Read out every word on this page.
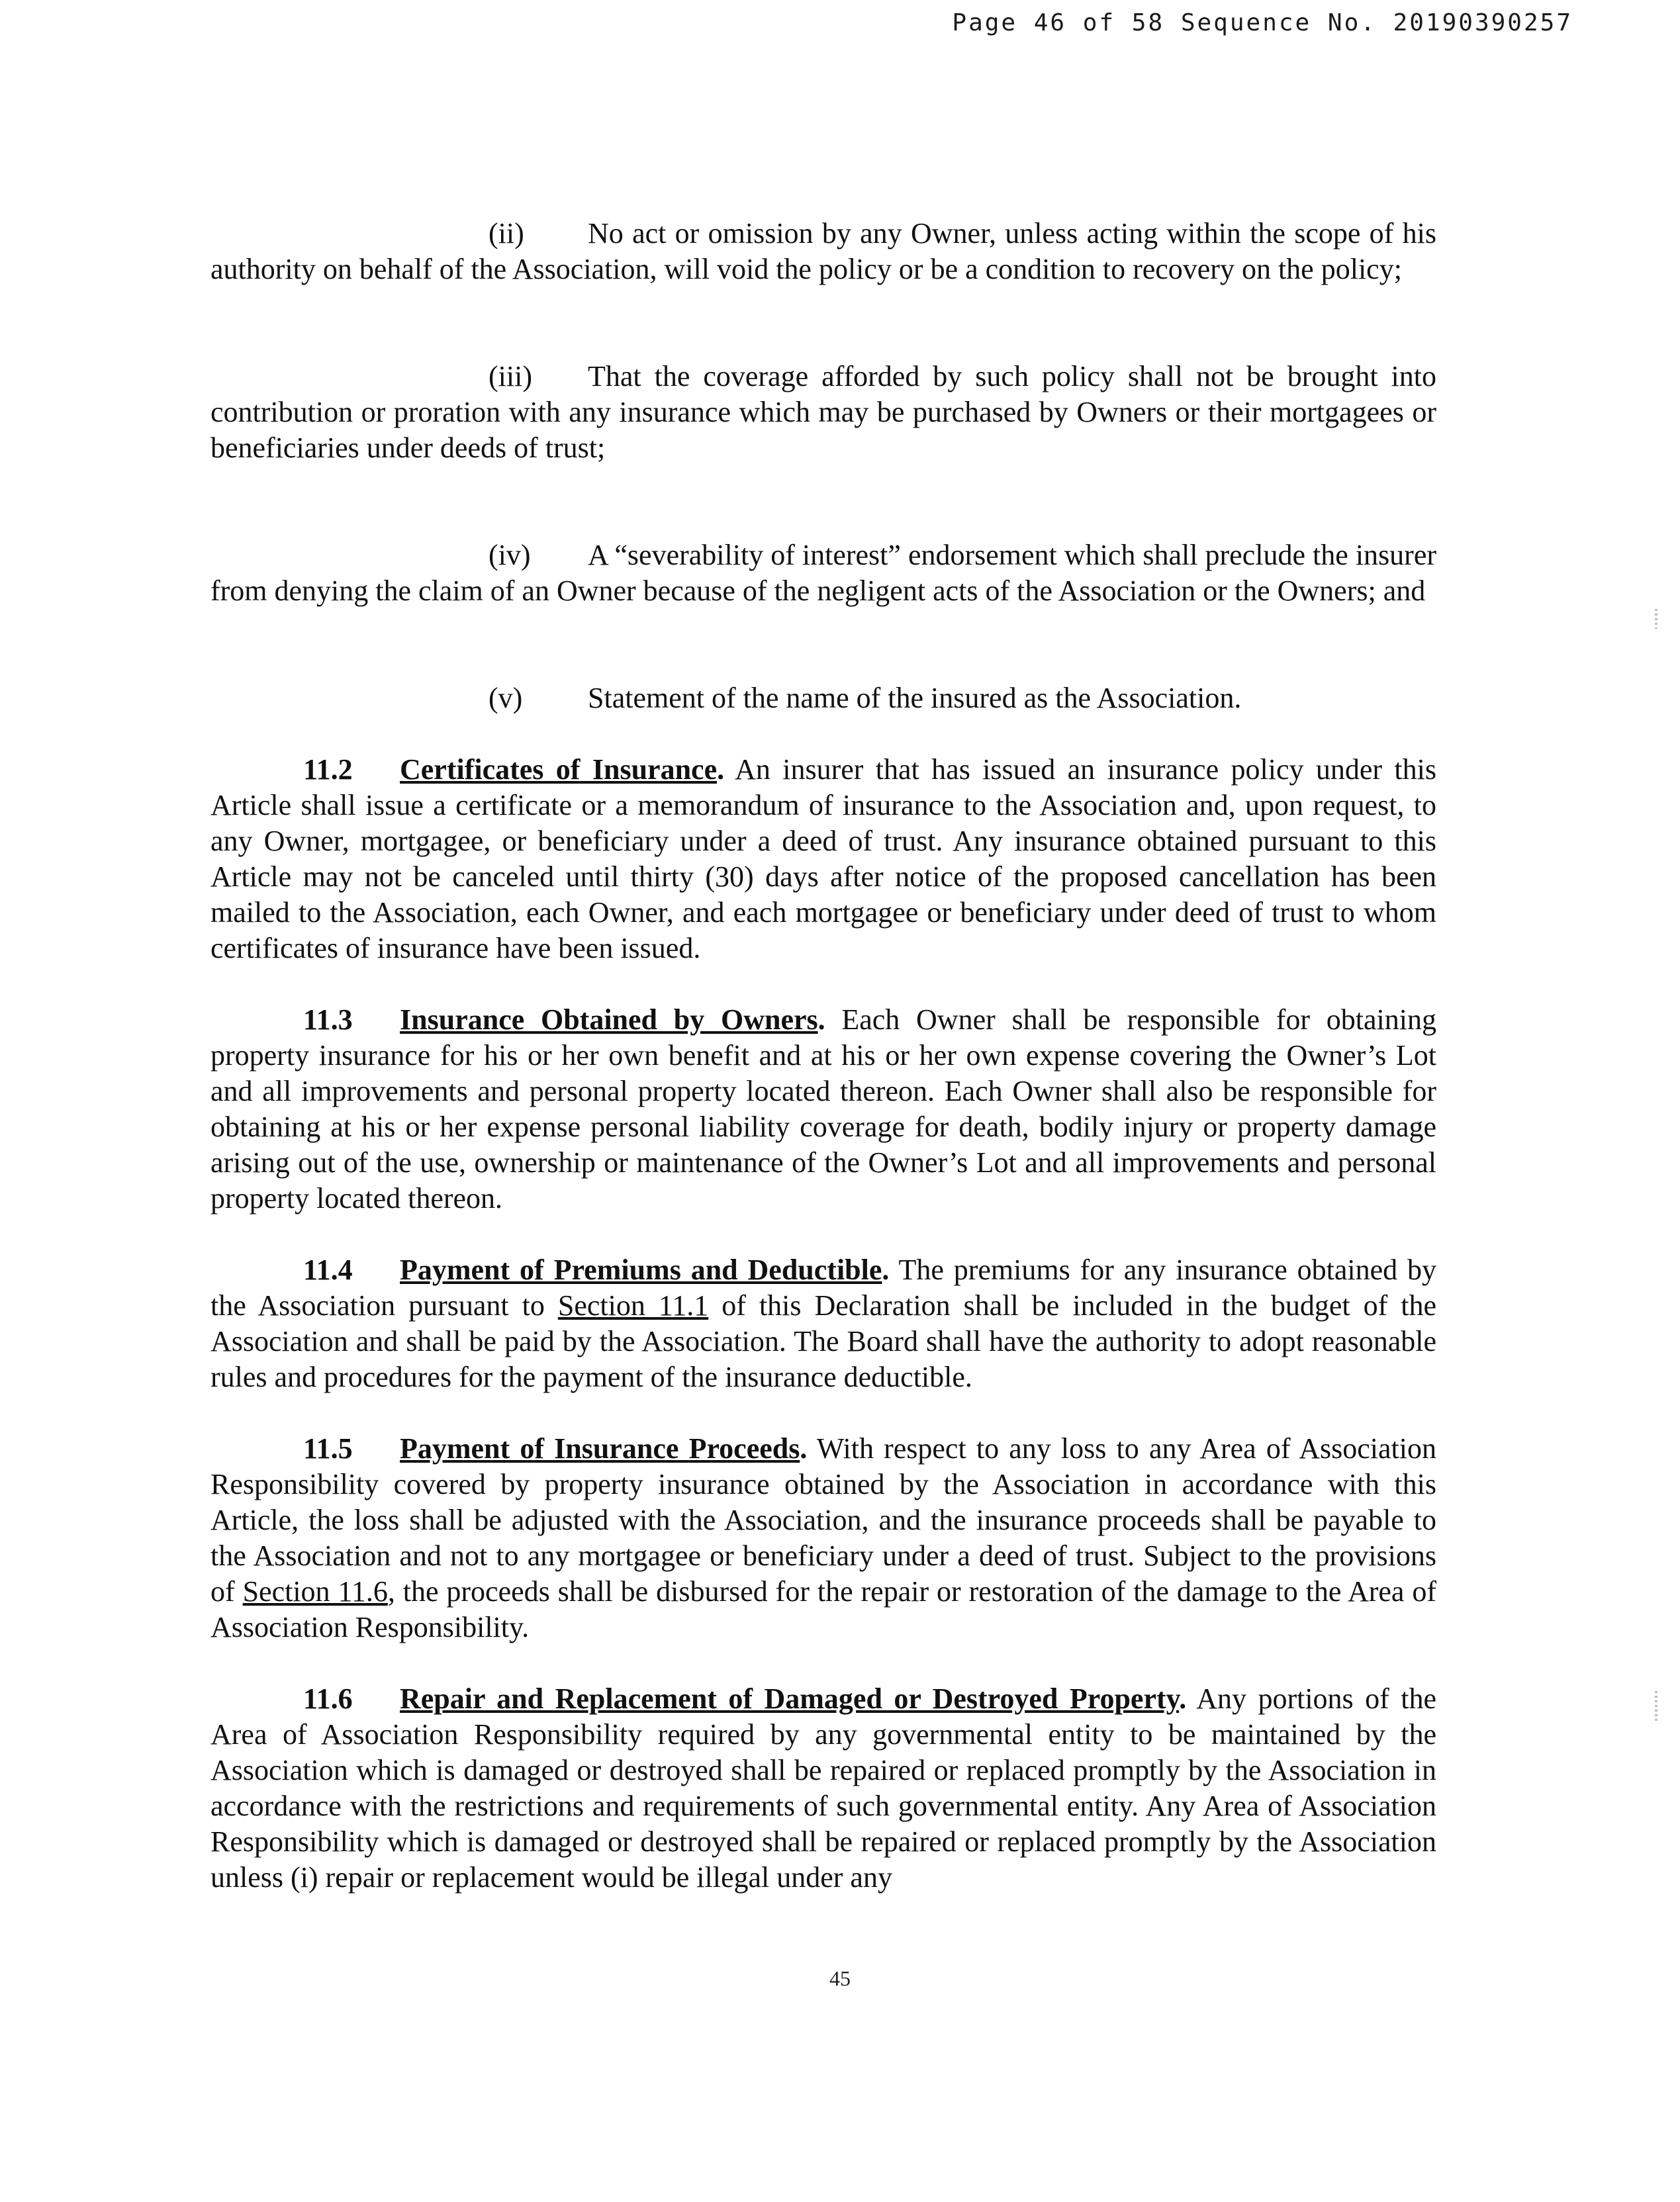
Page 46 of 58 Sequence No. 20190390257

(ii) No act or omission by any Owner, unless acting within the scope of his authority on behalf of the Association, will void the policy or be a condition to recovery on the policy;

(iii) That the coverage afforded by such policy shall not be brought into contribution or proration with any insurance which may be purchased by Owners or their mortgagees or beneficiaries under deeds of trust;

(iv) A “severability of interest” endorsement which shall preclude the insurer from denying the claim of an Owner because of the negligent acts of the Association or the Owners; and

(v) Statement of the name of the insured as the Association.

11.2 Certificates of Insurance. An insurer that has issued an insurance policy under this Article shall issue a certificate or a memorandum of insurance to the Association and, upon request, to any Owner, mortgagee, or beneficiary under a deed of trust. Any insurance obtained pursuant to this Article may not be canceled until thirty (30) days after notice of the proposed cancellation has been mailed to the Association, each Owner, and each mortgagee or beneficiary under deed of trust to whom certificates of insurance have been issued.

11.3 Insurance Obtained by Owners. Each Owner shall be responsible for obtaining property insurance for his or her own benefit and at his or her own expense covering the Owner’s Lot and all improvements and personal property located thereon. Each Owner shall also be responsible for obtaining at his or her expense personal liability coverage for death, bodily injury or property damage arising out of the use, ownership or maintenance of the Owner’s Lot and all improvements and personal property located thereon.

11.4 Payment of Premiums and Deductible. The premiums for any insurance obtained by the Association pursuant to Section 11.1 of this Declaration shall be included in the budget of the Association and shall be paid by the Association. The Board shall have the authority to adopt reasonable rules and procedures for the payment of the insurance deductible.

11.5 Payment of Insurance Proceeds. With respect to any loss to any Area of Association Responsibility covered by property insurance obtained by the Association in accordance with this Article, the loss shall be adjusted with the Association, and the insurance proceeds shall be payable to the Association and not to any mortgagee or beneficiary under a deed of trust. Subject to the provisions of Section 11.6, the proceeds shall be disbursed for the repair or restoration of the damage to the Area of Association Responsibility.

11.6 Repair and Replacement of Damaged or Destroyed Property. Any portions of the Area of Association Responsibility required by any governmental entity to be maintained by the Association which is damaged or destroyed shall be repaired or replaced promptly by the Association in accordance with the restrictions and requirements of such governmental entity. Any Area of Association Responsibility which is damaged or destroyed shall be repaired or replaced promptly by the Association unless (i) repair or replacement would be illegal under any

45
